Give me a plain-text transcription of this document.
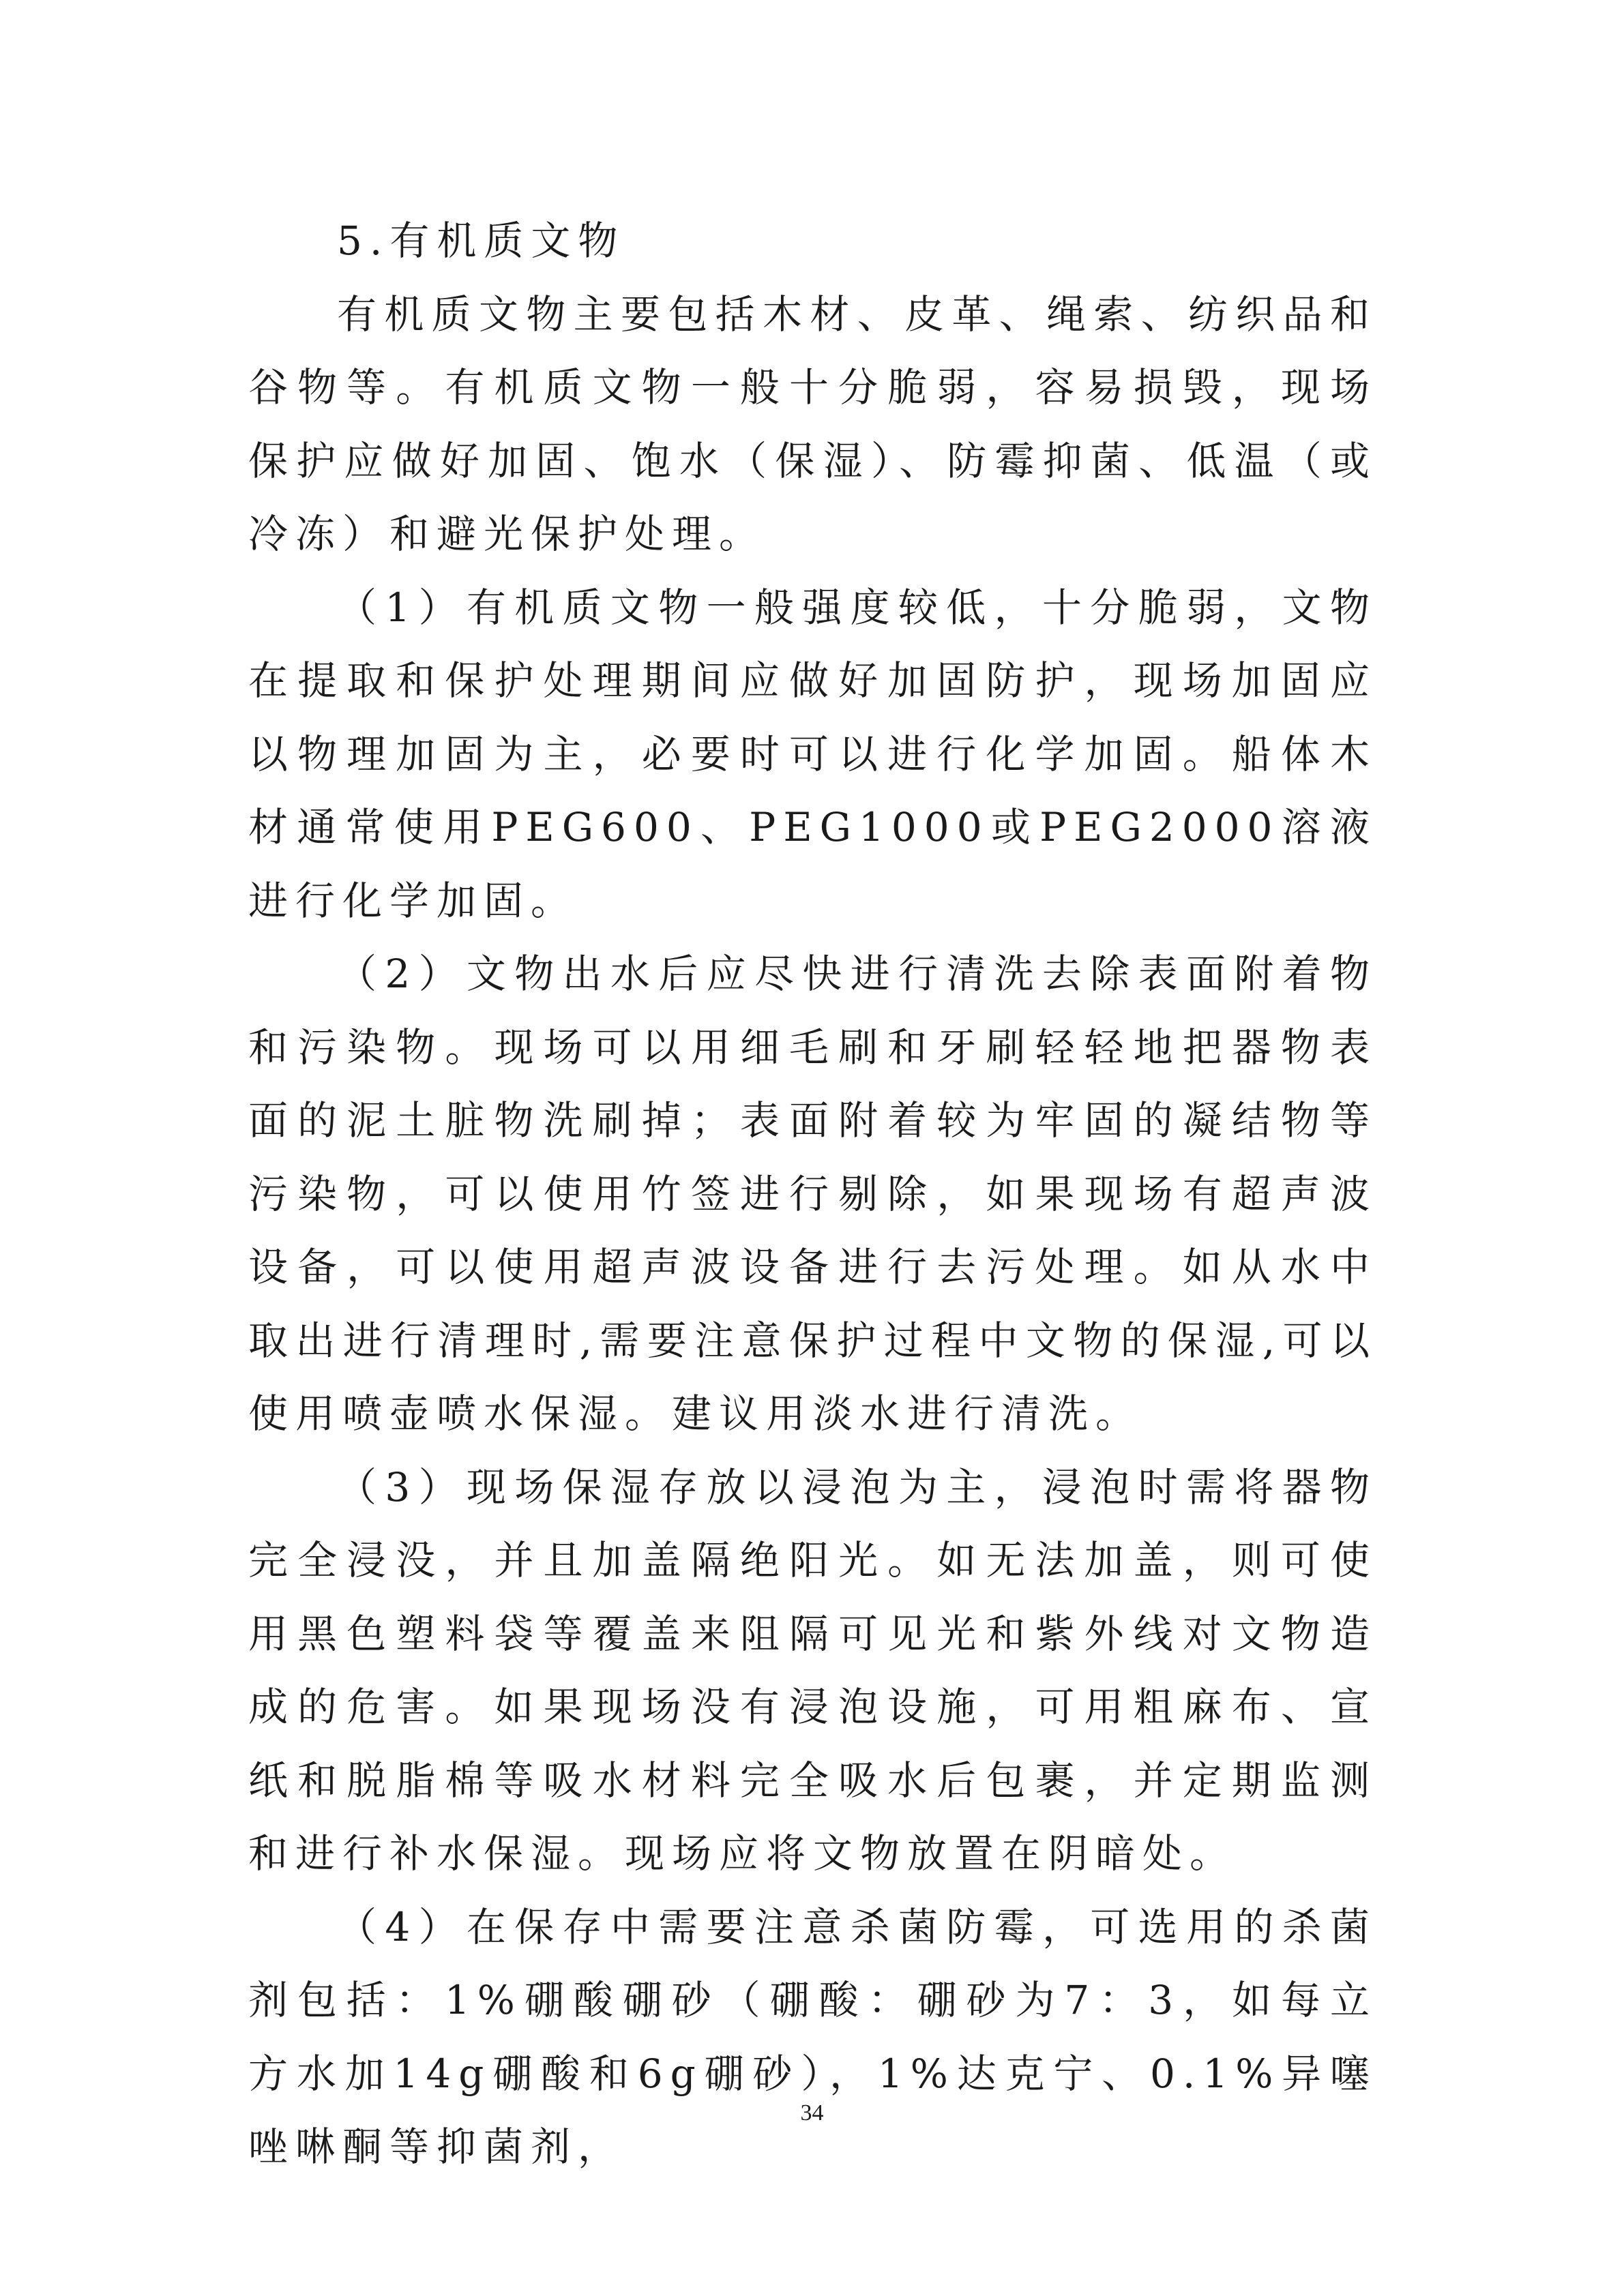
5.有机质文物

有机质文物主要包括木材、皮革、绳索、纺织品和谷物等。有机质文物一般十分脆弱，容易损毁，现场保护应做好加固、饱水（保湿）、防霉抑菌、低温（或冷冻）和避光保护处理。

（1）有机质文物一般强度较低，十分脆弱，文物在提取和保护处理期间应做好加固防护，现场加固应以物理加固为主，必要时可以进行化学加固。船体木材通常使用PEG600、PEG1000或PEG2000溶液进行化学加固。

（2）文物出水后应尽快进行清洗去除表面附着物和污染物。现场可以用细毛刷和牙刷轻轻地把器物表面的泥土脏物洗刷掉；表面附着较为牢固的凝结物等污染物，可以使用竹签进行剔除，如果现场有超声波设备，可以使用超声波设备进行去污处理。如从水中取出进行清理时,需要注意保护过程中文物的保湿,可以使用喷壶喷水保湿。建议用淡水进行清洗。

（3）现场保湿存放以浸泡为主，浸泡时需将器物完全浸没，并且加盖隔绝阳光。如无法加盖，则可使用黑色塑料袋等覆盖来阻隔可见光和紫外线对文物造成的危害。如果现场没有浸泡设施，可用粗麻布、宣纸和脱脂棉等吸水材料完全吸水后包裹，并定期监测和进行补水保湿。现场应将文物放置在阴暗处。

（4）在保存中需要注意杀菌防霉，可选用的杀菌剂包括：1%硼酸硼砂（硼酸：硼砂为7：3，如每立方水加14g硼酸和6g硼砂），1%达克宁、0.1%异噻唑啉酮等抑菌剂，

34
